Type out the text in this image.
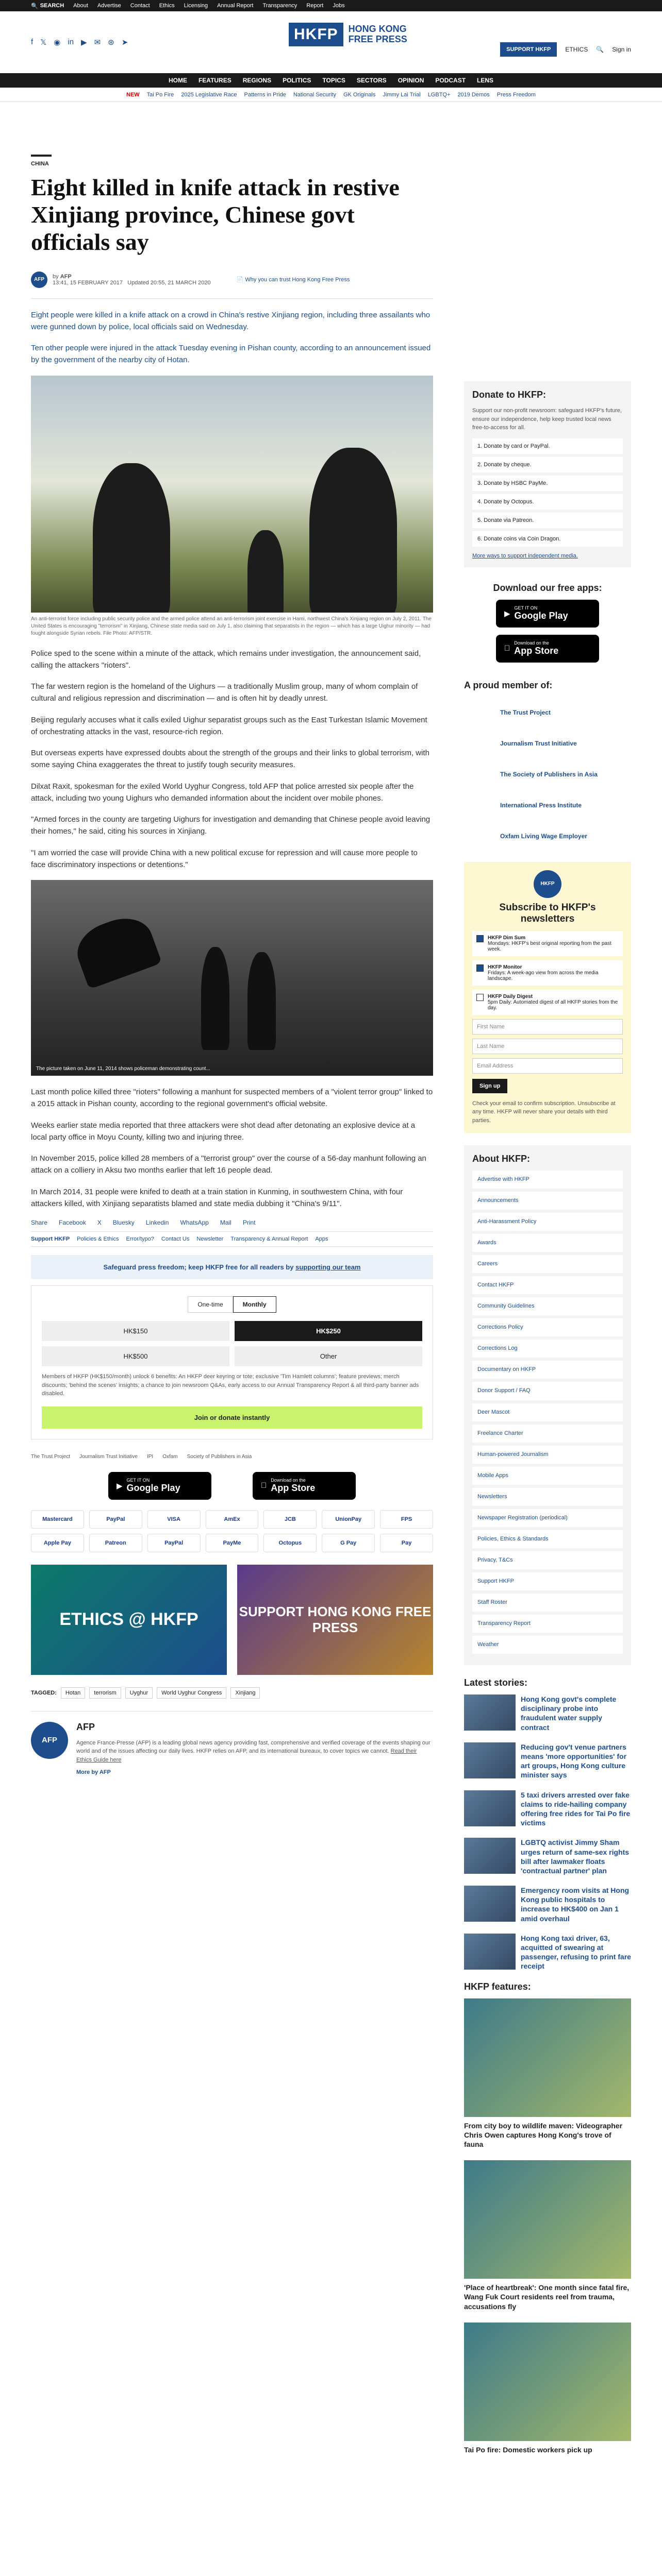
🔍 SEARCH About Advertise Contact Ethics Licensing Annual Report Transparency Report Jobs
f 𝕏 ◉ in ▶ ✉ ⊛ ➤	HKFP	HONG KONG
FREE PRESS
SUPPORT HKFP	ETHICS 🔍 Sign in
HOME FEATURES REGIONS POLITICS TOPICS SECTORS OPINION PODCAST LENS
NEW Tai Po Fire 2025 Legislative Race Patterns in Pride National Security GK Originals Jimmy Lai Trial LGBTQ+ 2019 Demos Press Freedom
CHINA
Eight killed in knife attack in restive Xinjiang province, Chinese govt officials say
AFP	by AFP
13:41, 15 FEBRUARY 2017 Updated 20:55, 21 MARCH 2020	📄 Why you can trust Hong Kong Free Press

Eight people were killed in a knife attack on a crowd in China's restive Xinjiang region, including three assailants who were gunned down by police, local officials said on Wednesday.

Ten other people were injured in the attack Tuesday evening in Pishan county, according to an announcement issued by the government of the nearby city of Hotan.

An anti-terrorist force including public security police and the armed police attend an anti-terrorism joint exercise in Hami, northwest China's Xinjiang region on July 2, 2011. The United States is encouraging "terrorism" in Xinjiang, Chinese state media said on July 1, also claiming that separatists in the region — which has a large Uighur minority — had fought alongside Syrian rebels. File Photo: AFP/STR.

Police sped to the scene within a minute of the attack, which remains under investigation, the announcement said, calling the attackers "rioters".

The far western region is the homeland of the Uighurs — a traditionally Muslim group, many of whom complain of cultural and religious repression and discrimination — and is often hit by deadly unrest.

Beijing regularly accuses what it calls exiled Uighur separatist groups such as the East Turkestan Islamic Movement of orchestrating attacks in the vast, resource-rich region.

But overseas experts have expressed doubts about the strength of the groups and their links to global terrorism, with some saying China exaggerates the threat to justify tough security measures.

Dilxat Raxit, spokesman for the exiled World Uyghur Congress, told AFP that police arrested six people after the attack, including two young Uighurs who demanded information about the incident over mobile phones.

"Armed forces in the county are targeting Uighurs for investigation and demanding that Chinese people avoid leaving their homes," he said, citing his sources in Xinjiang.

"I am worried the case will provide China with a new political excuse for repression and will cause more people to face discriminatory inspections or detentions."

The picture taken on June 11, 2014 shows policeman demonstrating count...

Last month police killed three "rioters" following a manhunt for suspected members of a "violent terror group" linked to a 2015 attack in Pishan county, according to the regional government's official website.

Weeks earlier state media reported that three attackers were shot dead after detonating an explosive device at a local party office in Moyu County, killing two and injuring three.

In November 2015, police killed 28 members of a "terrorist group" over the course of a 56-day manhunt following an attack on a colliery in Aksu two months earlier that left 16 people dead.

In March 2014, 31 people were knifed to death at a train station in Kunming, in southwestern China, with four attackers killed, with Xinjiang separatists blamed and state media dubbing it "China's 9/11".

Share Facebook X Bluesky Linkedin WhatsApp Mail Print
Support HKFP Policies & Ethics Error/typo? Contact Us Newsletter Transparency & Annual Report Apps
Safeguard press freedom; keep HKFP free for all readers by supporting our team
One-time	Monthly
HK$150	HK$250
HK$500	Other
Members of HKFP (HK$150/month) unlock 6 benefits: An HKFP deer keyring or tote; exclusive 'Tim Hamlett columns'; feature previews; merch discounts; 'behind the scenes' insights; a chance to join newsroom Q&As, early access to our Annual Transparency Report & all third-party banner ads disabled.
Join or donate instantly
The Trust Project Journalism Trust Initiative IPI Oxfam Society of Publishers in Asia
▶
GET IT ON
Google Play
Download on the
App Store
Mastercard	PayPal	VISA	AmEx	JCB	UnionPay	FPS
Apple Pay	Patreon	PayPal	PayMe	Octopus	G Pay	Pay
ETHICS @ HKFP	SUPPORT HONG KONG FREE PRESS
TAGGED:	Hotan	terrorism	Uyghur	World Uyghur Congress	Xinjiang
AFP
AFP
Agence France-Presse (AFP) is a leading global news agency providing fast, comprehensive and verified coverage of the events shaping our world and of the issues affecting our daily lives. HKFP relies on AFP, and its international bureaux, to cover topics we cannot. Read their Ethics Guide here
More by AFP
Donate to HKFP:
Support our non-profit newsroom: safeguard HKFP's future, ensure our independence, help keep trusted local news free-to-access for all.
1. Donate by card or PayPal.
2. Donate by cheque.
3. Donate by HSBC PayMe.
4. Donate by Octopus.
5. Donate via Patreon.
6. Donate coins via Coin Dragon.
More ways to support independent media.
Download our free apps:
▶
GET IT ON
Google Play
Download on the
App Store
A proud member of:
The Trust Project
Journalism Trust Initiative
The Society of Publishers in Asia
International Press Institute
Oxfam Living Wage Employer
HKFP
Subscribe to HKFP's newsletters
HKFP Dim Sum
Mondays: HKFP's best original reporting from the past week.
HKFP Monitor
Fridays: A week-ago view from across the media landscape.
HKFP Daily Digest
5pm Daily: Automated digest of all HKFP stories from the day.
First Name
Last Name
Email Address
Sign up
Check your email to confirm subscription. Unsubscribe at any time. HKFP will never share your details with third parties.
About HKFP:
Advertise with HKFP
Announcements
Anti-Harassment Policy
Awards
Careers
Contact HKFP
Community Guidelines
Corrections Policy
Corrections Log
Documentary on HKFP
Donor Support / FAQ
Deer Mascot
Freelance Charter
Human-powered Journalism
Mobile Apps
Newsletters
Newspaper Registration (periodical)
Policies, Ethics & Standards
Privacy, T&Cs
Support HKFP
Staff Roster
Transparency Report
Weather
Latest stories:
Hong Kong govt's complete disciplinary probe into fraudulent water supply contract
Reducing gov't venue partners means 'more opportunities' for art groups, Hong Kong culture minister says
5 taxi drivers arrested over fake claims to ride-hailing company offering free rides for Tai Po fire victims
LGBTQ activist Jimmy Sham urges return of same-sex rights bill after lawmaker floats 'contractual partner' plan
Emergency room visits at Hong Kong public hospitals to increase to HK$400 on Jan 1 amid overhaul
Hong Kong taxi driver, 63, acquitted of swearing at passenger, refusing to print fare receipt
HKFP features:
From city boy to wildlife maven: Videographer Chris Owen captures Hong Kong's trove of fauna
'Place of heartbreak': One month since fatal fire, Wang Fuk Court residents reel from trauma, accusations fly
Tai Po fire: Domestic workers pick up
